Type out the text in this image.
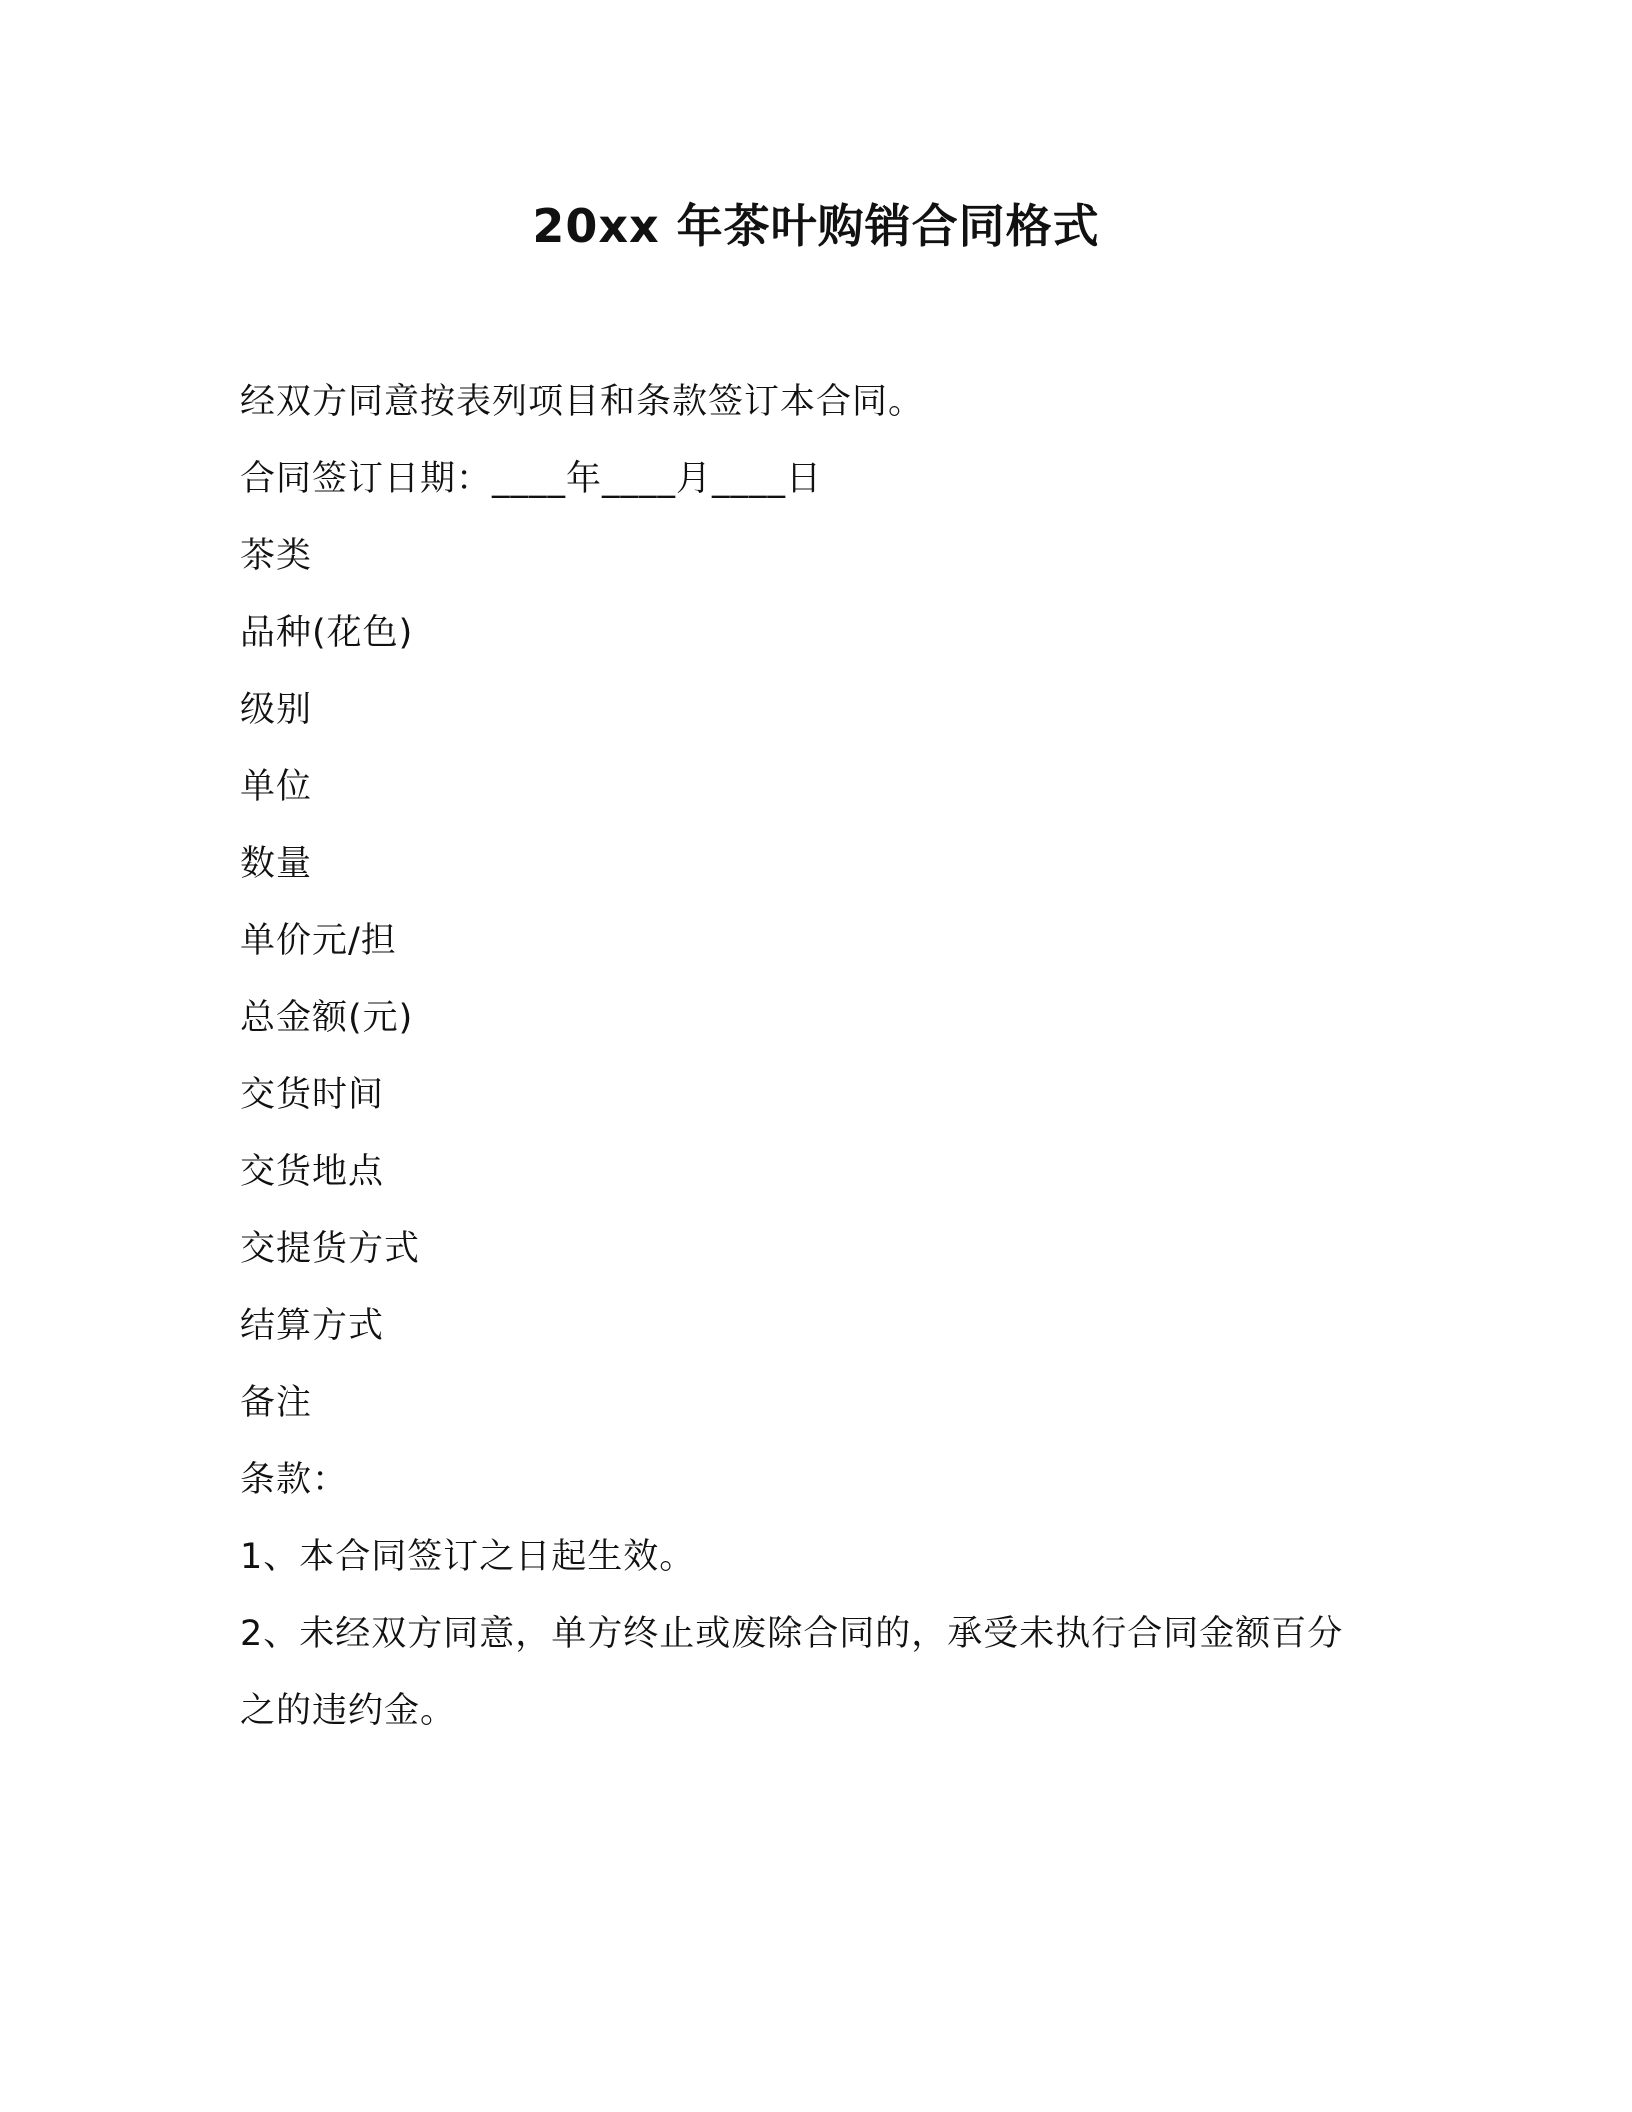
20xx 年茶叶购销合同格式
经双方同意按表列项目和条款签订本合同。
合同签订日期：____年____月____日
茶类
品种(花色)
级别
单位
数量
单价元/担
总金额(元)
交货时间
交货地点
交提货方式
结算方式
备注
条款：
1、本合同签订之日起生效。
2、未经双方同意，单方终止或废除合同的，承受未执行合同金额百分
之的违约金。
